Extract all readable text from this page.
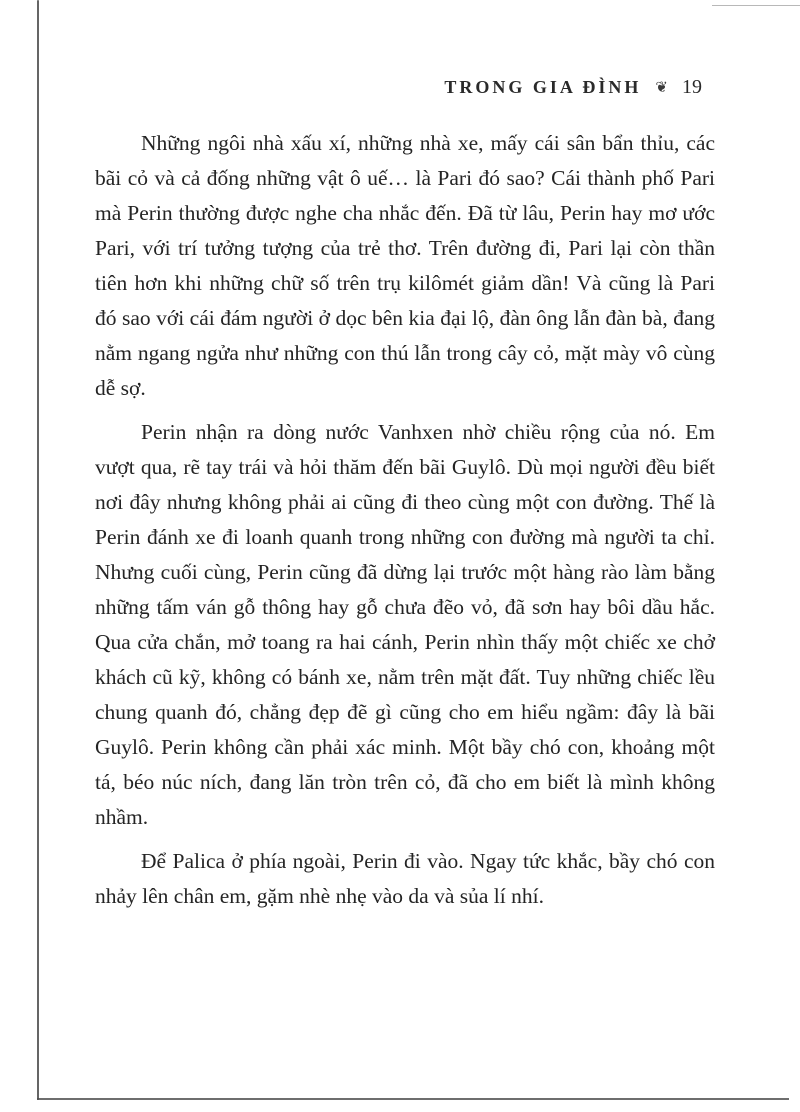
TRONG GIA ĐÌNH ❦ 19

Những ngôi nhà xấu xí, những nhà xe, mấy cái sân bẩn thỉu, các bãi cỏ và cả đống những vật ô uế… là Pari đó sao? Cái thành phố Pari mà Perin thường được nghe cha nhắc đến. Đã từ lâu, Perin hay mơ ước Pari, với trí tưởng tượng của trẻ thơ. Trên đường đi, Pari lại còn thần tiên hơn khi những chữ số trên trụ kilômét giảm dần! Và cũng là Pari đó sao với cái đám người ở dọc bên kia đại lộ, đàn ông lẫn đàn bà, đang nằm ngang ngửa như những con thú lẫn trong cây cỏ, mặt mày vô cùng dễ sợ.

Perin nhận ra dòng nước Vanhxen nhờ chiều rộng của nó. Em vượt qua, rẽ tay trái và hỏi thăm đến bãi Guylô. Dù mọi người đều biết nơi đây nhưng không phải ai cũng đi theo cùng một con đường. Thế là Perin đánh xe đi loanh quanh trong những con đường mà người ta chỉ. Nhưng cuối cùng, Perin cũng đã dừng lại trước một hàng rào làm bằng những tấm ván gỗ thông hay gỗ chưa đẽo vỏ, đã sơn hay bôi dầu hắc. Qua cửa chắn, mở toang ra hai cánh, Perin nhìn thấy một chiếc xe chở khách cũ kỹ, không có bánh xe, nằm trên mặt đất. Tuy những chiếc lều chung quanh đó, chẳng đẹp đẽ gì cũng cho em hiểu ngầm: đây là bãi Guylô. Perin không cần phải xác minh. Một bầy chó con, khoảng một tá, béo núc ních, đang lăn tròn trên cỏ, đã cho em biết là mình không nhầm.

Để Palica ở phía ngoài, Perin đi vào. Ngay tức khắc, bầy chó con nhảy lên chân em, gặm nhè nhẹ vào da và sủa lí nhí.
